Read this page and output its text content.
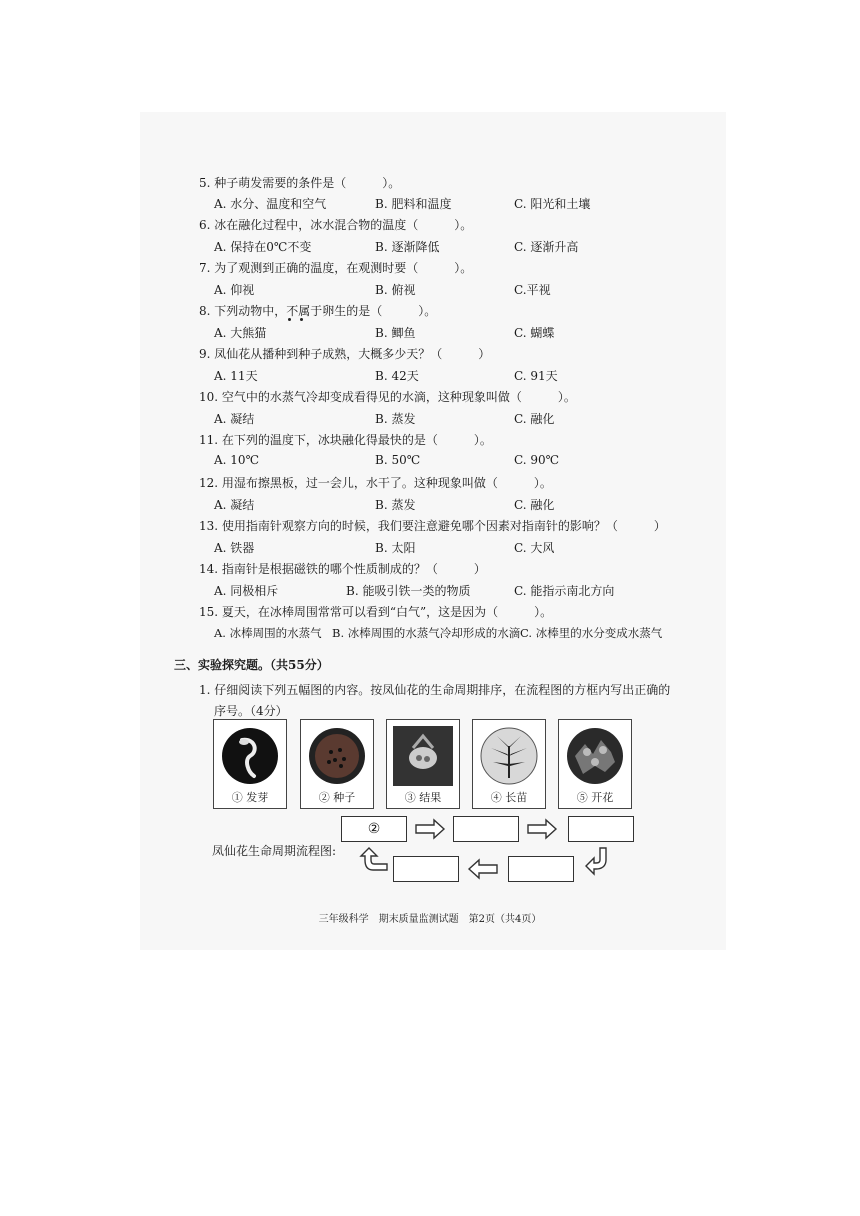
5. 种子萌发需要的条件是（　　　）。
A. 水分、温度和空气	B. 肥料和温度	C. 阳光和土壤
6. 冰在融化过程中，冰水混合物的温度（　　　）。
A. 保持在0℃不变	B. 逐渐降低	C. 逐渐升高
7. 为了观测到正确的温度，在观测时要（　　　）。
A. 仰视	B. 俯视	C.平视
8. 下列动物中，不属于卵生的是（　　　）。
A. 大熊猫	B. 鲫鱼	C. 蝴蝶
9. 凤仙花从播种到种子成熟，大概多少天？（　　　）
A. 11天	B. 42天	C. 91天
10. 空气中的水蒸气冷却变成看得见的水滴，这种现象叫做（　　　）。
A. 凝结	B. 蒸发	C. 融化
11. 在下列的温度下，冰块融化得最快的是（　　　）。
A. 10℃	B. 50℃	C. 90℃
12. 用湿布擦黑板，过一会儿，水干了。这种现象叫做（　　　）。
A. 凝结	B. 蒸发	C. 融化
13. 使用指南针观察方向的时候，我们要注意避免哪个因素对指南针的影响？（　　　）
A. 铁器	B. 太阳	C. 大风
14. 指南针是根据磁铁的哪个性质制成的？（　　　）
A. 同极相斥	B. 能吸引铁一类的物质	C. 能指示南北方向
15. 夏天，在冰棒周围常常可以看到“白气”，这是因为（　　　）。
A. 冰棒周围的水蒸气 B. 冰棒周围的水蒸气冷却形成的水滴 C. 冰棒里的水分变成水蒸气
三、实验探究题。（共55分）
1. 仔细阅读下列五幅图的内容。按凤仙花的生命周期排序，在流程图的方框内写出正确的
序号。（4分）
① 发芽	② 种子	③ 结果	④ 长苗	⑤ 开花
凤仙花生命周期流程图:
②
三年级科学　期末质量监测试题　第2页（共4页）
